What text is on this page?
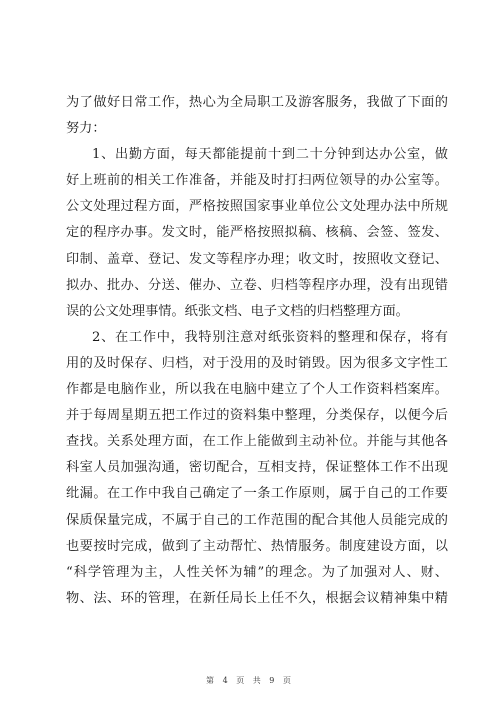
为了做好日常工作，热心为全局职工及游客服务，我做了下面的
努力：
1、出勤方面，每天都能提前十到二十分钟到达办公室，做
好上班前的相关工作准备，并能及时打扫两位领导的办公室等。
公文处理过程方面，严格按照国家事业单位公文处理办法中所规
定的程序办事。发文时，能严格按照拟稿、核稿、会签、签发、
印制、盖章、登记、发文等程序办理；收文时，按照收文登记、
拟办、批办、分送、催办、立卷、归档等程序办理，没有出现错
误的公文处理事情。纸张文档、电子文档的归档整理方面。
2、在工作中，我特别注意对纸张资料的整理和保存，将有
用的及时保存、归档，对于没用的及时销毁。因为很多文字性工
作都是电脑作业，所以我在电脑中建立了个人工作资料档案库。
并于每周星期五把工作过的资料集中整理，分类保存，以便今后
查找。关系处理方面，在工作上能做到主动补位。并能与其他各
科室人员加强沟通，密切配合，互相支持，保证整体工作不出现
纰漏。在工作中我自己确定了一条工作原则，属于自己的工作要
保质保量完成，不属于自己的工作范围的配合其他人员能完成的
也要按时完成，做到了主动帮忙、热情服务。制度建设方面，以
“科学管理为主，人性关怀为辅”的理念。为了加强对人、财、
物、法、环的管理，在新任局长上任不久，根据会议精神集中精
第 4 页 共 9 页
